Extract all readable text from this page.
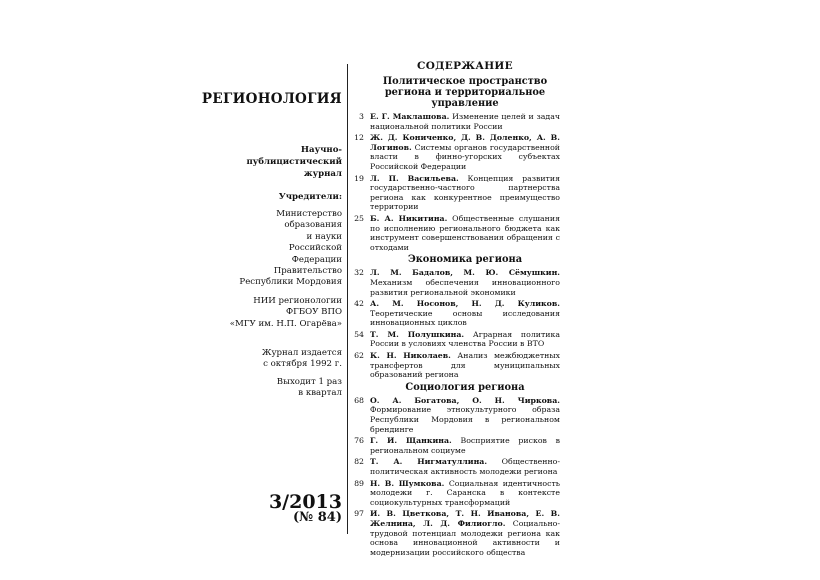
РЕГИОНОЛОГИЯ
Научно-
публицистический
журнал
Учредители:
Министерство
образования
и науки
Российской
Федерации
Правительство
Республики Мордовия
НИИ регионологии
ФГБОУ ВПО
«МГУ им. Н.П. Огарёва»
Журнал издается
с октября 1992 г.
Выходит 1 раз
в квартал
3/2013
(№ 84)
СОДЕРЖАНИЕ
Политическое пространство региона и территориальное управление
3 Е. Г. Маклашова. Изменение целей и задач национальной политики России
12 Ж. Д. Кониченко, Д. В. Доленко, А. В. Логинов. Системы органов государственной власти в финно-угорских субъектах Российской Федерации
19 Л. П. Васильева. Концепция развития государственно-частного партнерства региона как конкурентное преимущество территории
25 Б. А. Никитина. Общественные слушания по исполнению регионального бюджета как инструмент совершенствования обращения с отходами
Экономика региона
32 Л. М. Бадалов, М. Ю. Сёмушкин. Механизм обеспечения инновационного развития региональной экономики
42 А. М. Носонов, Н. Д. Куликов. Теоретические основы исследования инновационных циклов
54 Т. М. Полушкина. Аграрная политика России в условиях членства России в ВТО
62 К. Н. Николаев. Анализ межбюджетных трансфертов для муниципальных образований региона
Социология региона
68 О. А. Богатова, О. Н. Чиркова. Формирование этнокультурного образа Республики Мордовия в региональном брендинге
76 Г. И. Щанкина. Восприятие рисков в региональном социуме
82 Т. А. Нигматуллина. Общественно-политическая активность молодежи региона
89 Н. В. Шумкова. Социальная идентичность молодежи г. Саранска в контексте социокультурных трансформаций
97 И. В. Цветкова, Т. Н. Иванова, Е. В. Желнина, Л. Д. Филиогло. Социально-трудовой потенциал молодежи региона как основа инновационной активности и модернизации российского общества
